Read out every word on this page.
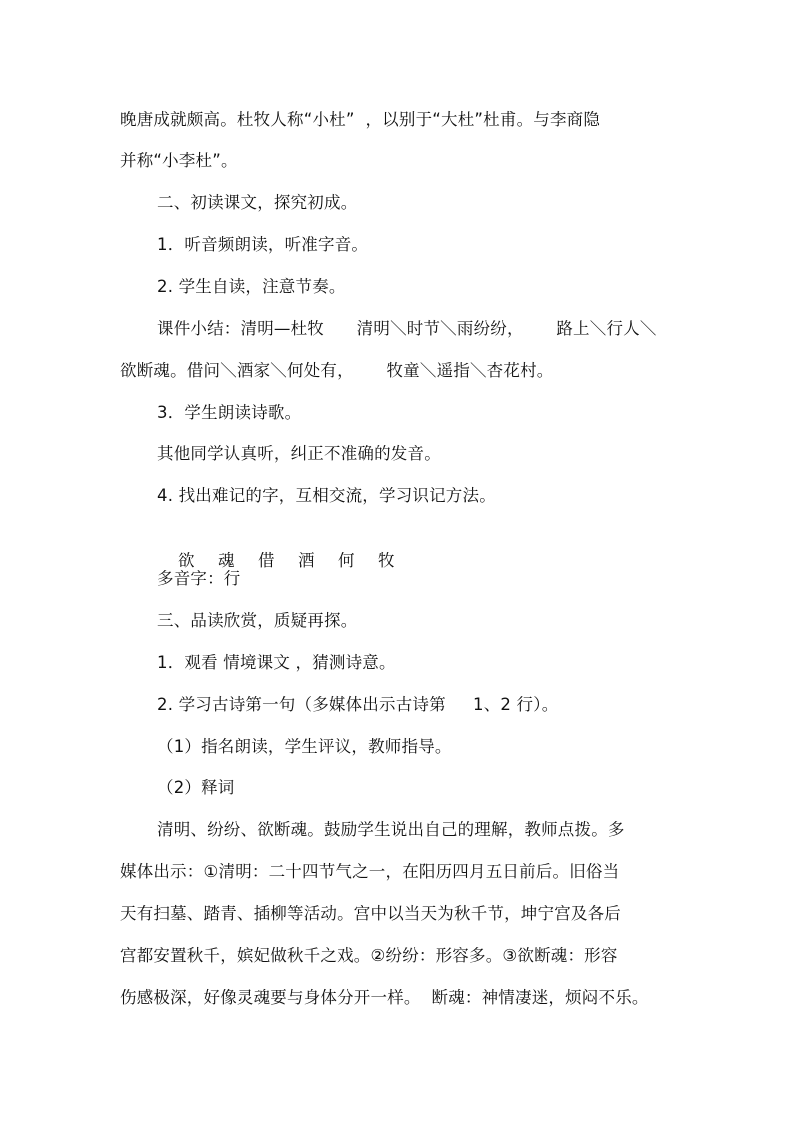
晚唐成就颇高。杜牧人称“小杜”  ，以别于“大杜”杜甫。与李商隐
并称“小李杜”。
二、初读课文，探究初成。
1．听音频朗读，听准字音。
2. 学生自读，注意节奏。
课件小结：清明—杜牧      清明＼时节＼雨纷纷，      路上＼行人＼
欲断魂。借问＼酒家＼何处有，      牧童＼遥指＼杏花村。
3．学生朗读诗歌。
其他同学认真听，纠正不准确的发音。
4. 找出难记的字，互相交流，学习识记方法。

欲 魂 借 酒 何 牧

多音字：行
三、品读欣赏，质疑再探。
1．观看 情境课文 ，猜测诗意。
2. 学习古诗第一句（多媒体出示古诗第     1、2 行）。
（1）指名朗读，学生评议，教师指导。
（2）释词
清明、纷纷、欲断魂。鼓励学生说出自己的理解，教师点拨。多
媒体出示：①清明：二十四节气之一，在阳历四月五日前后。旧俗当
天有扫墓、踏青、插柳等活动。宫中以当天为秋千节，坤宁宫及各后
宫都安置秋千，嫔妃做秋千之戏。②纷纷：形容多。③欲断魂：形容
伤感极深，好像灵魂要与身体分开一样。  断魂：神情凄迷，烦闷不乐。
